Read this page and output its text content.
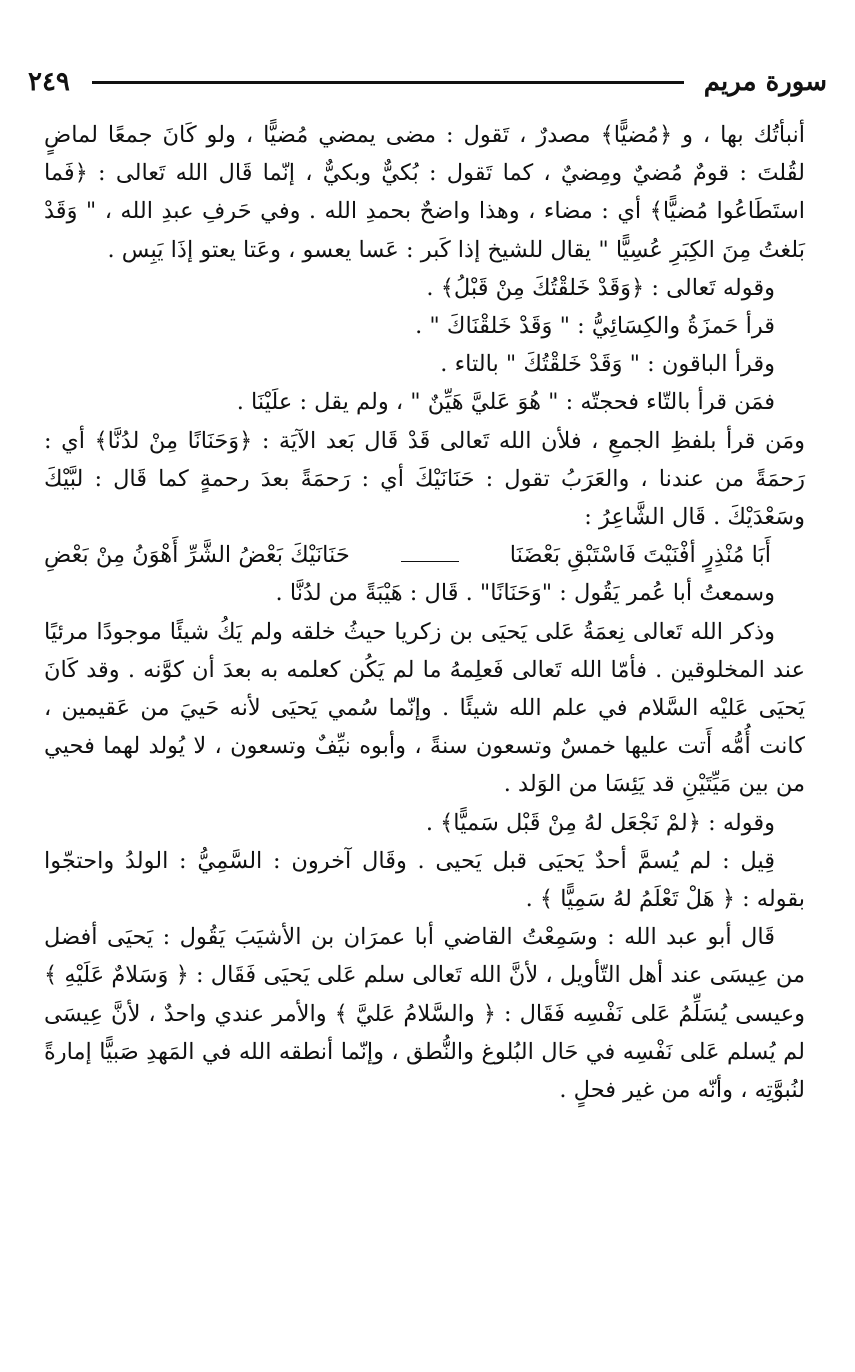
٢٤٩	سورة مريم

أنبأتُك بها ، و ﴿مُضيًّا﴾ مصدرٌ ، تَقول : مضى يمضي مُضيًّا ، ولو كَانَ جمعًا لماضٍ لقُلتَ : قومٌ مُضيٌ ومِضيٌ ، كما تَقول : بُكيٌّ وبكيٌّ ، إنّما قَال الله تَعالى : ﴿فَما استَطَاعُوا مُضيًّا﴾ أي : مضاء ، وهذا واضحٌ بحمدِ الله . وفي حَرفِ عبدِ الله ، " وَقَدْ بَلغتُ مِنَ الكِبَرِ عُسِيًّا " يقال للشيخ إذا كَبر : عَسا يعسو ، وعَتا يعتو إذَا يَبِس .

وقوله تَعالى : ﴿وَقَدْ خَلقْتُكَ مِنْ قَبْلُ﴾ .

قرأ حَمزَةُ والكِسَائِيُّ : " وَقَدْ خَلقْنَاكَ " .

وقرأ الباقون : " وَقَدْ خَلقْتُكَ " بالتاء .

فمَن قرأ بالتّاء فحجتّه : " هُوَ عَليَّ هَيِّنٌ " ، ولم يقل : علَيْنَا .

ومَن قرأ بلفظِ الجمعِ ، فلأن الله تَعالى قَدْ قَال بَعد الآيَة : ﴿وَحَنَانًا مِنْ لدُنَّا﴾ أي : رَحمَةً من عندنا ، والعَرَبُ تقول : حَنَانَيْكَ أي : رَحمَةً بعدَ رحمةٍ كما قَال : لبَّيْكَ وسَعْدَيْكَ . قَال الشَّاعِرُ :

أَبَا مُنْذِرٍ أفْنَيْتَ فَاسْتَبْقِ بَعْضَنَا
حَنَانَيْكَ بَعْضُ الشَّرِّ أَهْوَنُ مِنْ بَعْضِ

وسمعتُ أبا عُمر يَقُول : "وَحَنَانًا" . قَال : هَيْبَةً من لدُنَّا .

وذكر الله تَعالى نِعمَةُ عَلى يَحيَى بن زكريا حيثُ خلقه ولم يَكُ شيئًا موجودًا مرئيًا عند المخلوقين . فأمّا الله تَعالى فَعلِمهُ ما لم يَكُن كعلمه به بعدَ أن كوَّنه . وقد كَانَ يَحيَى عَليْه السَّلام في علم الله شيئًا . وإنّما سُمي يَحيَى لأنه حَييَ من عَقيمين ، كانت أُمُّه أَتت عليها خمسٌ وتسعون سنةً ، وأبوه نيِّفٌ وتسعون ، لا يُولد لهما فحيي من بين مَيِّتَيْنِ قد يَئِسَا من الوَلد .

وقوله : ﴿لمْ نَجْعَل لهُ مِنْ قَبْل سَميًّا﴾ .

قِيل : لم يُسمَّ أحدٌ يَحيَى قبل يَحيى . وقَال آخرون : السَّمِيُّ : الولدُ واحتجّوا بقوله : ﴿ هَلْ تَعْلَمُ لهُ سَمِيًّا ﴾ .

قَال أبو عبد الله : وسَمِعْتُ القاضي أبا عمرَان بن الأشيَبَ يَقُول : يَحيَى أفضل من عِيسَى عند أهل التّأويل ، لأنَّ الله تَعالى سلم عَلى يَحيَى فَقَال : ﴿ وَسَلامٌ عَلَيْهِ ﴾ وعيسى يُسَلِّمُ عَلى نَفْسِه فَقَال : ﴿ والسَّلامُ عَليَّ ﴾ والأمر عندي واحدٌ ، لأنَّ عِيسَى لم يُسلم عَلى نَفْسِه في حَال البُلوغ والنُّطق ، وإنّما أنطقه الله في المَهدِ صَبيًّا إمارةً لنُبوَّتِه ، وأنّه من غير فحلٍ .
